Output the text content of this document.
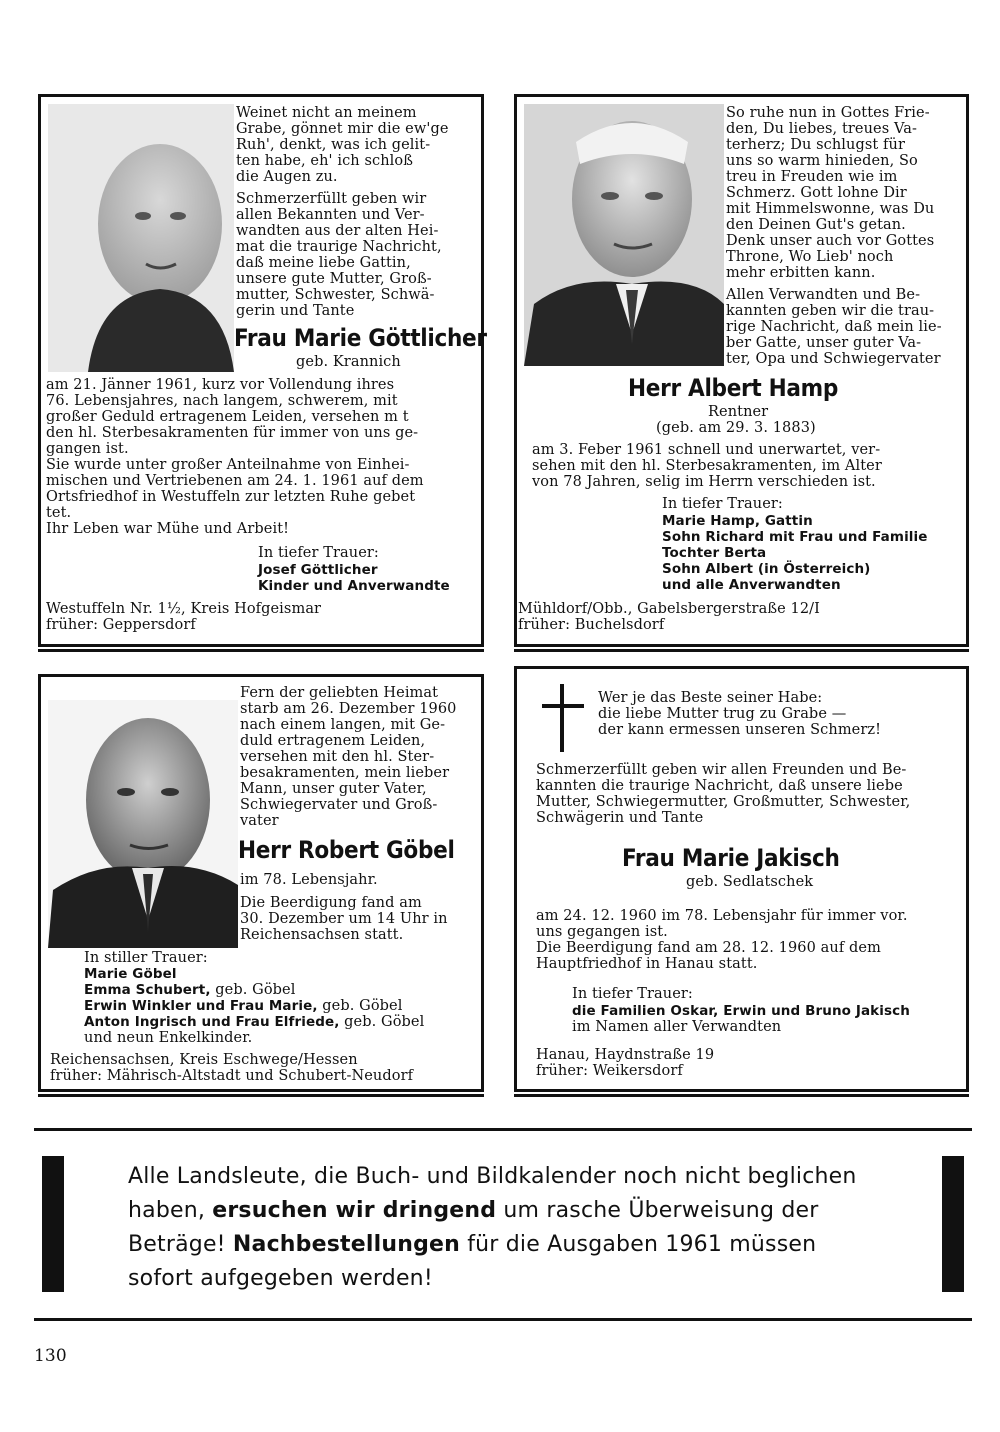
Weinet nicht an meinem
Grabe, gönnet mir die ew'ge
Ruh', denkt, was ich gelit-
ten habe, eh' ich schloß
die Augen zu.
Schmerzerfüllt geben wir
allen Bekannten und Ver-
wandten aus der alten Hei-
mat die traurige Nachricht,
daß meine liebe Gattin,
unsere gute Mutter, Groß-
mutter, Schwester, Schwä-
gerin und Tante
Frau Marie Göttlicher
geb. Krannich
am 21. Jänner 1961, kurz vor Vollendung ihres
76. Lebensjahres, nach langem, schwerem, mit
großer Geduld ertragenem Leiden, versehen m t
den hl. Sterbesakramenten für immer von uns ge-
gangen ist.
Sie wurde unter großer Anteilnahme von Einhei-
mischen und Vertriebenen am 24. 1. 1961 auf dem
Ortsfriedhof in Westuffeln zur letzten Ruhe gebet
tet.
Ihr Leben war Mühe und Arbeit!
In tiefer Trauer:
Josef Göttlicher
Kinder und Anverwandte
Westuffeln Nr. 1½, Kreis Hofgeismar
früher: Geppersdorf
So ruhe nun in Gottes Frie-
den, Du liebes, treues Va-
terherz; Du schlugst für
uns so warm hinieden, So
treu in Freuden wie im
Schmerz. Gott lohne Dir
mit Himmelswonne, was Du
den Deinen Gut's getan.
Denk unser auch vor Gottes
Throne, Wo Lieb' noch
mehr erbitten kann.
Allen Verwandten und Be-
kannten geben wir die trau-
rige Nachricht, daß mein lie-
ber Gatte, unser guter Va-
ter, Opa und Schwiegervater
Herr Albert Hamp
Rentner
(geb. am 29. 3. 1883)
am 3. Feber 1961 schnell und unerwartet, ver-
sehen mit den hl. Sterbesakramenten, im Alter
von 78 Jahren, selig im Herrn verschieden ist.
In tiefer Trauer:
Marie Hamp, Gattin
Sohn Richard mit Frau und Familie
Tochter Berta
Sohn Albert (in Österreich)
und alle Anverwandten
Mühldorf/Obb., Gabelsbergerstraße 12/I
früher: Buchelsdorf
Fern der geliebten Heimat
starb am 26. Dezember 1960
nach einem langen, mit Ge-
duld ertragenem Leiden,
versehen mit den hl. Ster-
besakramenten, mein lieber
Mann, unser guter Vater,
Schwiegervater und Groß-
vater
Herr Robert Göbel
im 78. Lebensjahr.
Die Beerdigung fand am
30. Dezember um 14 Uhr in
Reichensachsen statt.
In stiller Trauer:
Marie Göbel
Emma Schubert, geb. Göbel
Erwin Winkler und Frau Marie, geb. Göbel
Anton Ingrisch und Frau Elfriede, geb. Göbel
und neun Enkelkinder.
Reichensachsen, Kreis Eschwege/Hessen
früher: Mährisch-Altstadt und Schubert-Neudorf
Wer je das Beste seiner Habe:
die liebe Mutter trug zu Grabe —
der kann ermessen unseren Schmerz!
Schmerzerfüllt geben wir allen Freunden und Be-
kannten die traurige Nachricht, daß unsere liebe
Mutter, Schwiegermutter, Großmutter, Schwester,
Schwägerin und Tante
Frau Marie Jakisch
geb. Sedlatschek
am 24. 12. 1960 im 78. Lebensjahr für immer vor.
uns gegangen ist.
Die Beerdigung fand am 28. 12. 1960 auf dem
Hauptfriedhof in Hanau statt.
In tiefer Trauer:
die Familien Oskar, Erwin und Bruno Jakisch
im Namen aller Verwandten
Hanau, Haydnstraße 19
früher: Weikersdorf
Alle Landsleute, die Buch- und Bildkalender noch nicht beglichen
haben, ersuchen wir dringend um rasche Überweisung der
Beträge! Nachbestellungen für die Ausgaben 1961 müssen
sofort aufgegeben werden!
130
